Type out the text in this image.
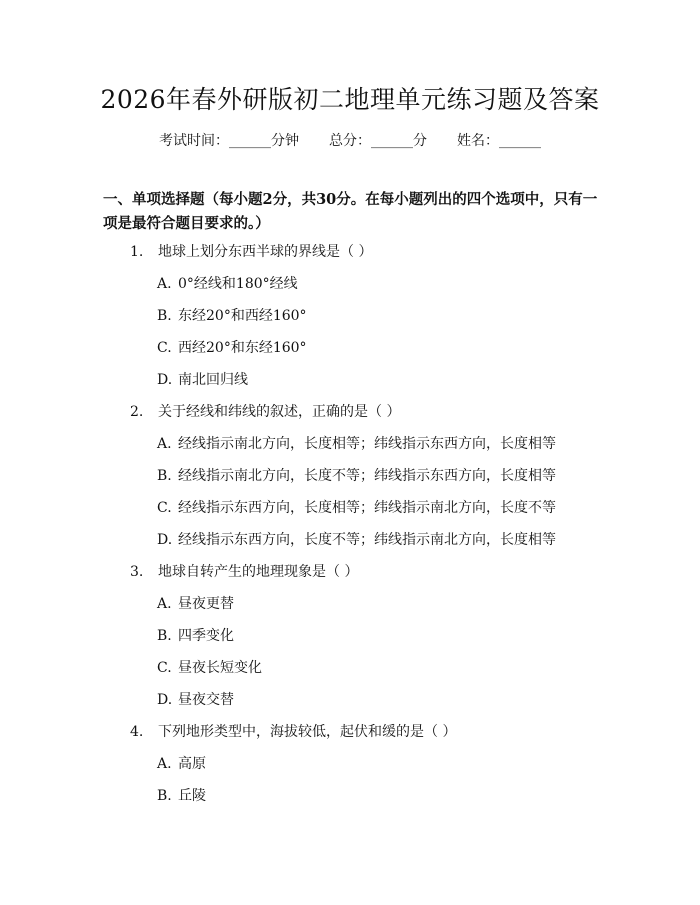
2026年春外研版初二地理单元练习题及答案
考试时间：______分钟 总分：______分 姓名：______
一、单项选择题（每小题2分，共30分。在每小题列出的四个选项中，只有一项是最符合题目要求的。）
1. 地球上划分东西半球的界线是（ ）
A. 0°经线和180°经线
B. 东经20°和西经160°
C. 西经20°和东经160°
D. 南北回归线
2. 关于经线和纬线的叙述，正确的是（ ）
A. 经线指示南北方向，长度相等；纬线指示东西方向，长度相等
B. 经线指示南北方向，长度不等；纬线指示东西方向，长度相等
C. 经线指示东西方向，长度相等；纬线指示南北方向，长度不等
D. 经线指示东西方向，长度不等；纬线指示南北方向，长度相等
3. 地球自转产生的地理现象是（ ）
A. 昼夜更替
B. 四季变化
C. 昼夜长短变化
D. 昼夜交替
4. 下列地形类型中，海拔较低，起伏和缓的是（ ）
A. 高原
B. 丘陵
